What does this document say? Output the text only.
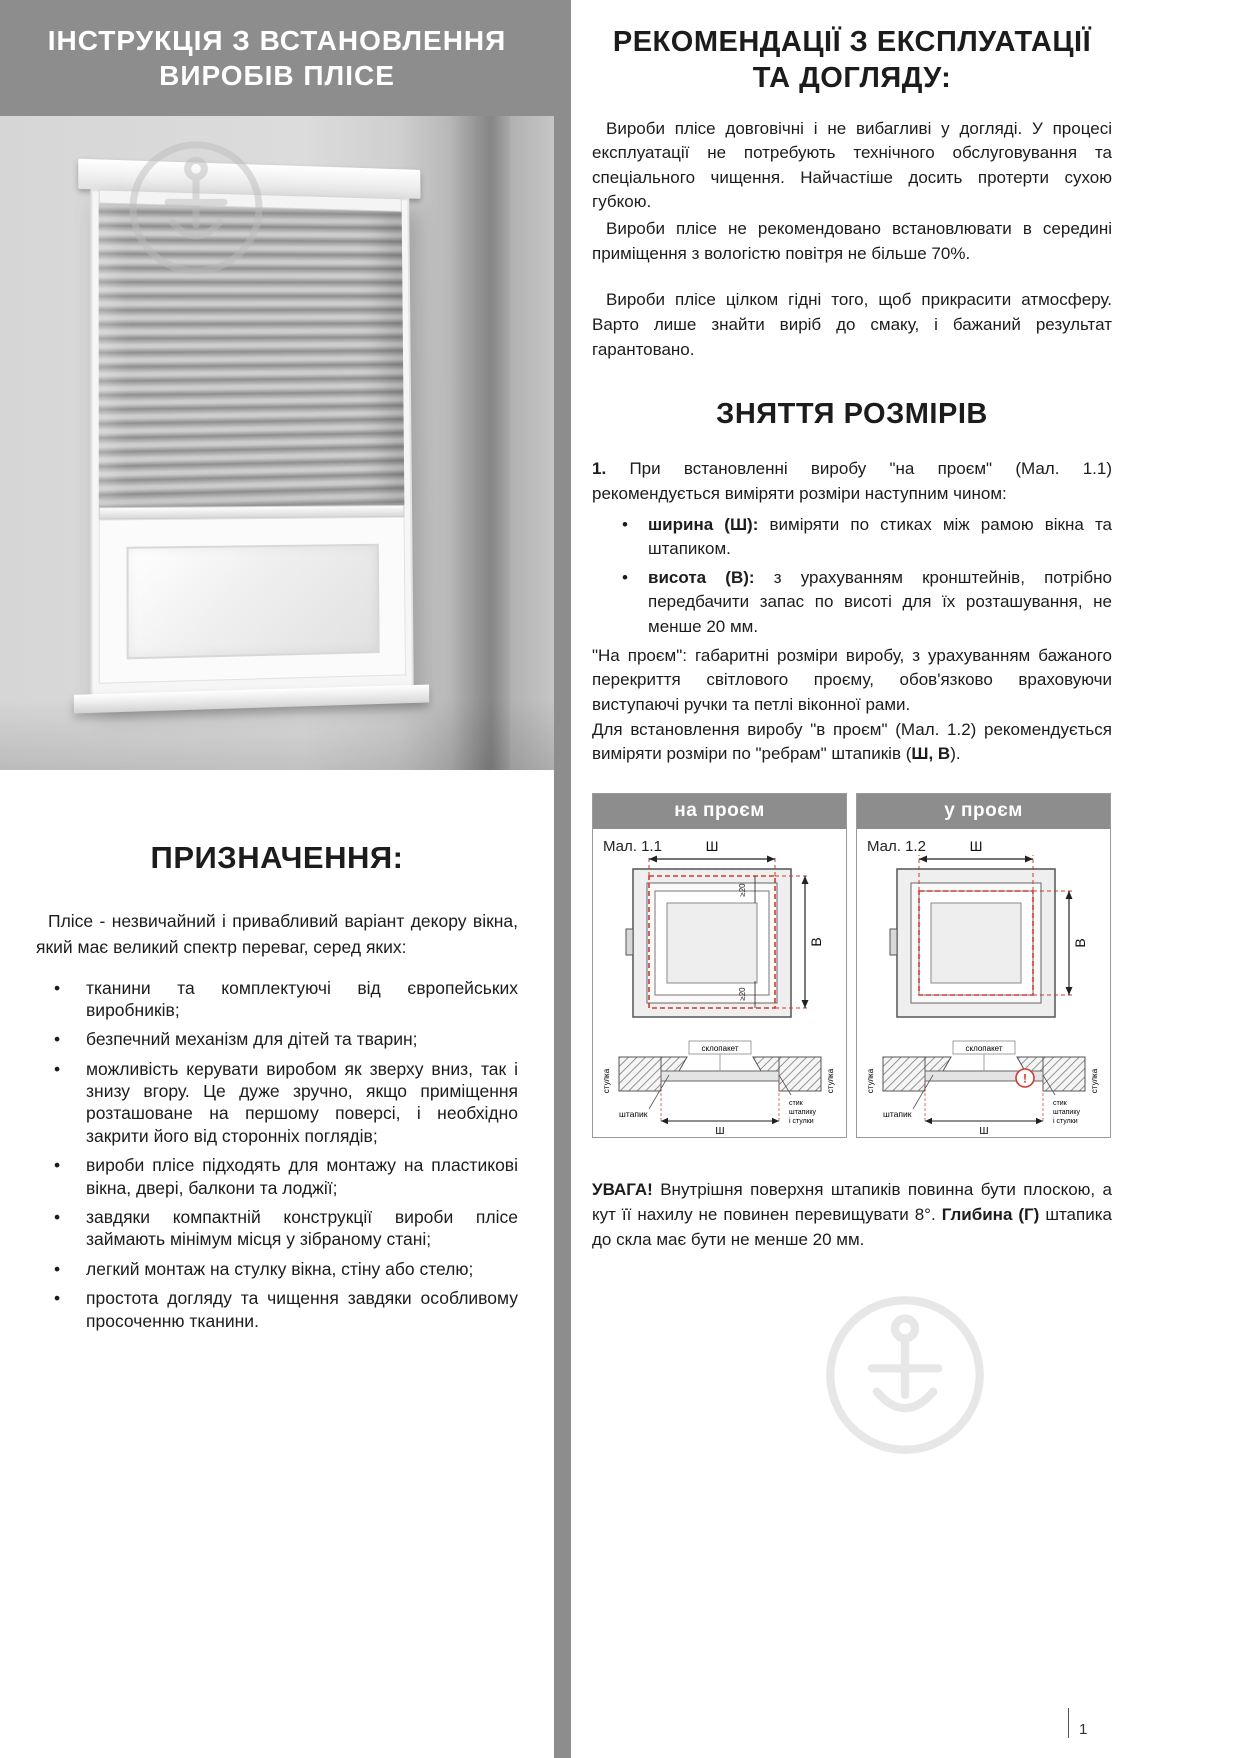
ІНСТРУКЦІЯ З ВСТАНОВЛЕННЯ
ВИРОБІВ ПЛІСЕ
ПРИЗНАЧЕННЯ:

Плісе - незвичайний і привабливий варіант декору вікна, який має великий спектр переваг, серед яких:

• тканини та комплектуючі від європейських виробників;
• безпечний механізм для дітей та тварин;
• можливість керувати виробом як зверху вниз, так і знизу вгору. Це дуже зручно, якщо приміщення розташоване на першому поверсі, і необхідно закрити його від сторонніх поглядів;
• вироби плісе підходять для монтажу на пластикові вікна, двері, балкони та лоджії;
• завдяки компактній конструкції вироби плісе займають мінімум місця у зібраному стані;
• легкий монтаж на стулку вікна, стіну або стелю;
• простота догляду та чищення завдяки особливому просоченню тканини.
РЕКОМЕНДАЦІЇ З ЕКСПЛУАТАЦІЇ
ТА ДОГЛЯДУ:

Вироби плісе довговічні і не вибагливі у догляді. У процесі експлуатації не потребують технічного обслуговування та спеціального чищення. Найчастіше досить протерти сухою губкою.

Вироби плісе не рекомендовано встановлювати в середині приміщення з вологістю повітря не більше 70%.

Вироби плісе цілком гідні того, щоб прикрасити атмосферу. Варто лише знайти виріб до смаку, і бажаний результат гарантовано.

ЗНЯТТЯ РОЗМІРІВ

1. При встановленні виробу "на проєм" (Мал. 1.1) рекомендується виміряти розміри наступним чином:

• ширина (Ш): виміряти по стиках між рамою вікна та штапиком.
• висота (В): з урахуванням кронштейнів, потрібно передбачити запас по висоті для їх розташування, не менше 20 мм.

"На проєм": габаритні розміри виробу, з урахуванням бажаного перекриття світлового проєму, обов'язково враховуючи виступаючі ручки та петлі віконної рами.

Для встановлення виробу "в проєм" (Мал. 1.2) рекомендується виміряти розміри по "ребрам" штапиків (Ш, В).

на проєм
Мал. 1.1	Ш
В
≥20
≥20
стулка	стулка
склопакет
штапик
Ш
стик
штапику
і стулки
у проєм
Мал. 1.2	Ш
В
стулка	стулка
склопакет
штапик
Ш
стик
штапику
і стулки
!

УВАГА! Внутрішня поверхня штапиків повинна бути плоскою, а кут її нахилу не повинен перевищувати 8°. Глибина (Г) штапика до скла має бути не менше 20 мм.

1
